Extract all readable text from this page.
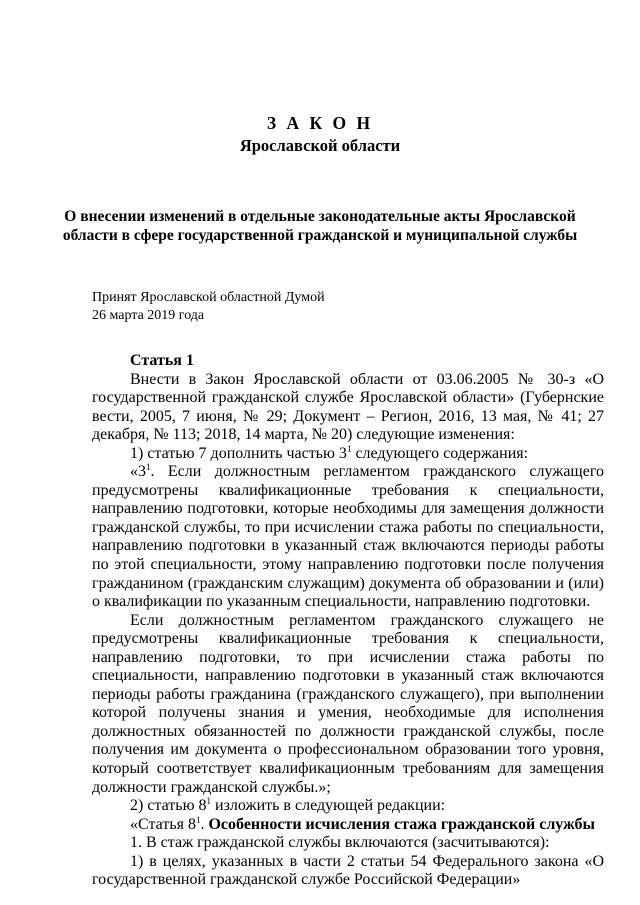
З А К О Н
Ярославской области
О внесении изменений в отдельные законодательные акты Ярославской области в сфере государственной гражданской и муниципальной службы
Принят Ярославской областной Думой
26 марта 2019 года

Статья 1

Внести в Закон Ярославской области от 03.06.2005 № 30-з «О государственной гражданской службе Ярославской области» (Губернские вести, 2005, 7 июня, № 29; Документ – Регион, 2016, 13 мая, № 41; 27 декабря, № 113; 2018, 14 марта, № 20) следующие изменения:

1) статью 7 дополнить частью $3^1$ следующего содержания:

«$3^1$. Если должностным регламентом гражданского служащего предусмотрены квалификационные требования к специальности, направлению подготовки, которые необходимы для замещения должности гражданской службы, то при исчислении стажа работы по специальности, направлению подготовки в указанный стаж включаются периоды работы по этой специальности, этому направлению подготовки после получения гражданином (гражданским служащим) документа об образовании и (или) о квалификации по указанным специальности, направлению подготовки.

Если должностным регламентом гражданского служащего не предусмотрены квалификационные требования к специальности, направлению подготовки, то при исчислении стажа работы по специальности, направлению подготовки в указанный стаж включаются периоды работы гражданина (гражданского служащего), при выполнении которой получены знания и умения, необходимые для исполнения должностных обязанностей по должности гражданской службы, после получения им документа о профессиональном образовании того уровня, который соответствует квалификационным требованиям для замещения должности гражданской службы.»;

2) статью $8^1$ изложить в следующей редакции:

«Статья $8^1$. Особенности исчисления стажа гражданской службы

1. В стаж гражданской службы включаются (засчитываются):

1) в целях, указанных в части 2 статьи 54 Федерального закона «О государственной гражданской службе Российской Федерации»
